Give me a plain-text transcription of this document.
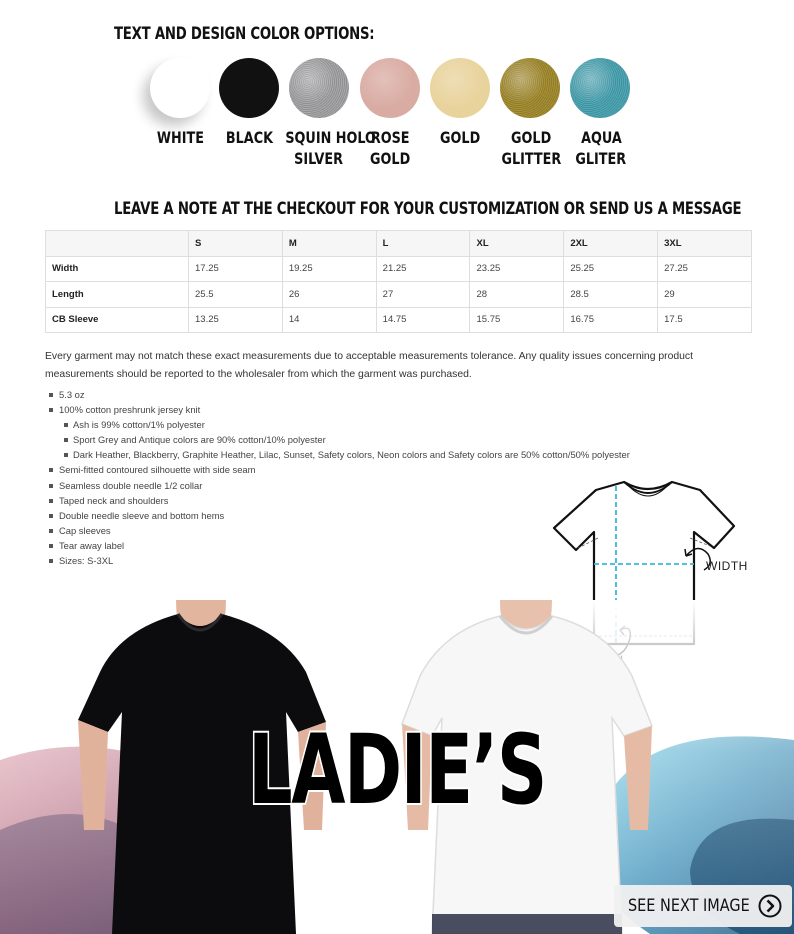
TEXT AND DESIGN COLOR OPTIONS:
WHITE	BLACK SQUIN HOLO
SILVER
ROSE
GOLD
GOLD	GOLD
GLITTER
AQUA
GLITER
LEAVE A NOTE AT THE CHECKOUT FOR YOUR CUSTOMIZATION OR SEND US A MESSAGE
	S	M	L	XL	2XL	3XL
Width	17.25	19.25	21.25	23.25	25.25	27.25
Length	25.5	26	27	28	28.5	29
CB Sleeve	13.25	14	14.75	15.75	16.75	17.5

Every garment may not match these exact measurements due to acceptable measurements tolerance. Any quality issues concerning product measurements should be reported to the wholesaler from which the garment was purchased.

5.3 oz
100% cotton preshrunk jersey knit
Ash is 99% cotton/1% polyester
Sport Grey and Antique colors are 90% cotton/10% polyester
Dark Heather, Blackberry, Graphite Heather, Lilac, Sunset, Safety colors, Neon colors and Safety colors are 50% cotton/50% polyester
Semi-fitted contoured silhouette with side seam
Seamless double needle 1/2 collar
Taped neck and shoulders
Double needle sleeve and bottom hems
Cap sleeves
Tear away label
Sizes: S-3XL	WIDTH
LADIE’S
SEE NEXT IMAGE
